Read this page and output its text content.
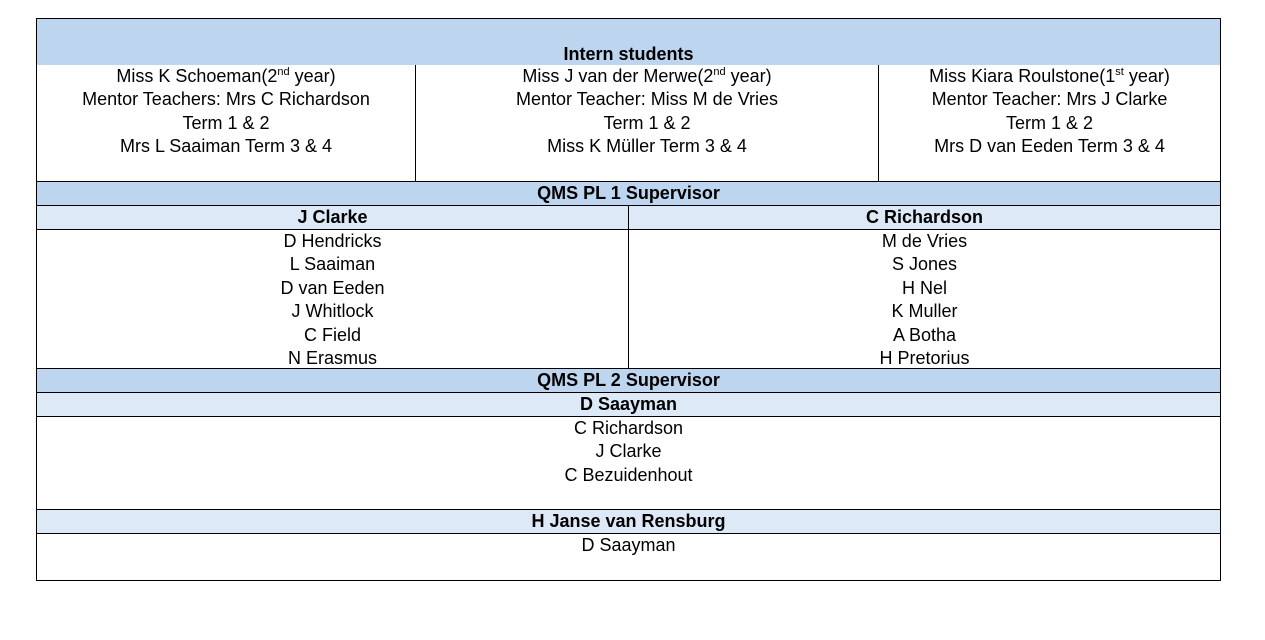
Intern students
Miss K Schoeman(2nd year)
Mentor Teachers: Mrs C Richardson
Term 1 & 2
Mrs L Saaiman Term 3 & 4
Miss J van der Merwe(2nd year)
Mentor Teacher: Miss M de Vries
Term 1 & 2
Miss K Müller Term 3 & 4
Miss Kiara Roulstone(1st year)
Mentor Teacher: Mrs J Clarke
Term 1 & 2
Mrs D van Eeden Term 3 & 4
QMS PL 1 Supervisor
J Clarke	C Richardson
D Hendricks
L Saaiman
D van Eeden
J Whitlock
C Field
N Erasmus
M de Vries
S Jones
H Nel
K Muller
A Botha
H Pretorius
QMS PL 2 Supervisor
D Saayman
C Richardson
J Clarke
C Bezuidenhout
H Janse van Rensburg
D Saayman
